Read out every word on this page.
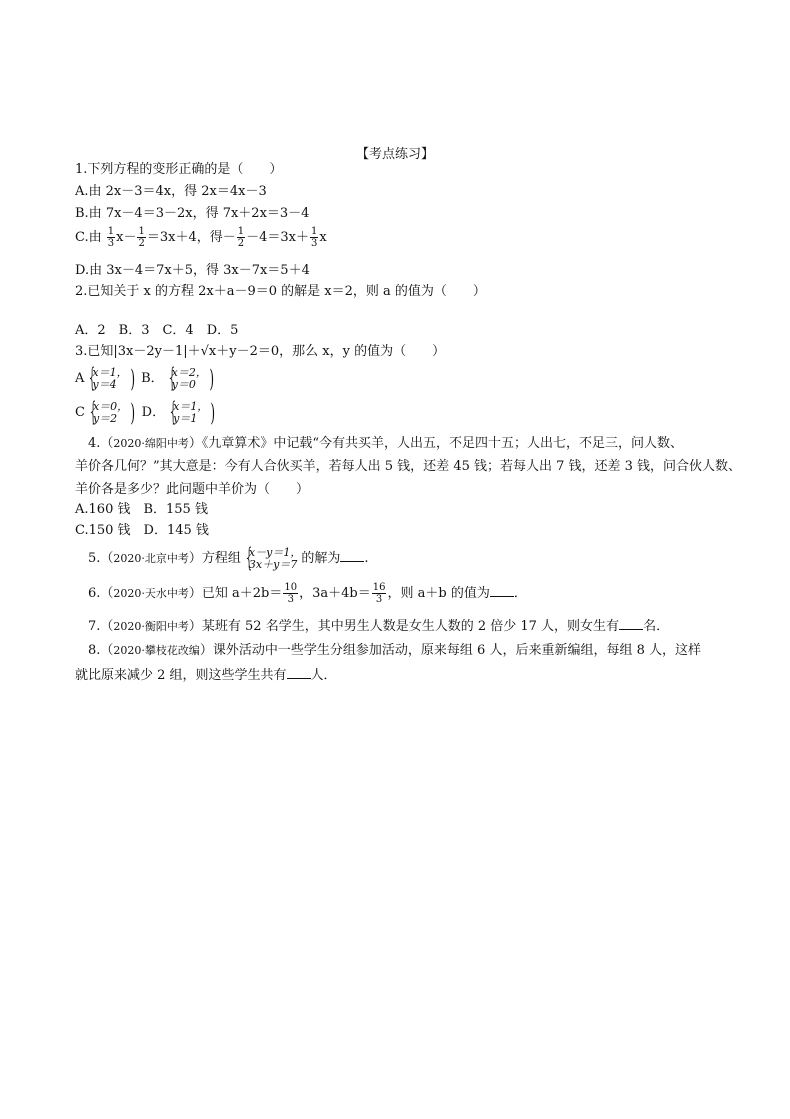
【考点练习】
1.下列方程的变形正确的是（　　）
A.由 2x－3＝4x，得 2x＝4x－3
B.由 7x－4＝3－2x，得 7x＋2x＝3－4
C.由 $\frac{1}{3} x- \frac{1}{2} =3x+4$，得－ $\frac{1}{2} -4=3x+ \frac{1}{3}$ x
D.由 3x－4＝7x＋5，得 3x－7x＝5＋4
2.已知关于 x 的方程 2x＋a－9＝0 的解是 x＝2，则 a 的值为（　　）
A．2　B．3　C．4　D．5
3.已知|3x－2y－1|＋√x＋y－2＝0，那么 x，y 的值为（　　）
A { x＝1，
y＝4 ) B． { x＝2，
y＝0 )
C { x＝0，
y＝2 ) D． { x＝1，
y＝1 )
4.（2020·绵阳中考）《九章算术》中记载“今有共买羊，人出五，不足四十五；人出七，不足三，问人数、
羊价各几何？”其大意是：今有人合伙买羊，若每人出 5 钱，还差 45 钱；若每人出 7 钱，还差 3 钱，问合伙人数、
羊价各是多少？此问题中羊价为（　　）
A.160 钱　B．155 钱
C.150 钱　D．145 钱
5.（2020·北京中考）方程组 { x－y＝1，
3x＋y＝7 的解为 .
6.（2020·天水中考）已知 $a+2b= \frac{10}{3}$ ，$3a+4b= \frac{16}{3}$ ，则 a＋b 的值为 ．
7.（2020·衡阳中考）某班有 52 名学生，其中男生人数是女生人数的 2 倍少 17 人，则女生有 名．
8.（2020·攀枝花改编）课外活动中一些学生分组参加活动，原来每组 6 人，后来重新编组，每组 8 人，这样
就比原来减少 2 组，则这些学生共有 人．
